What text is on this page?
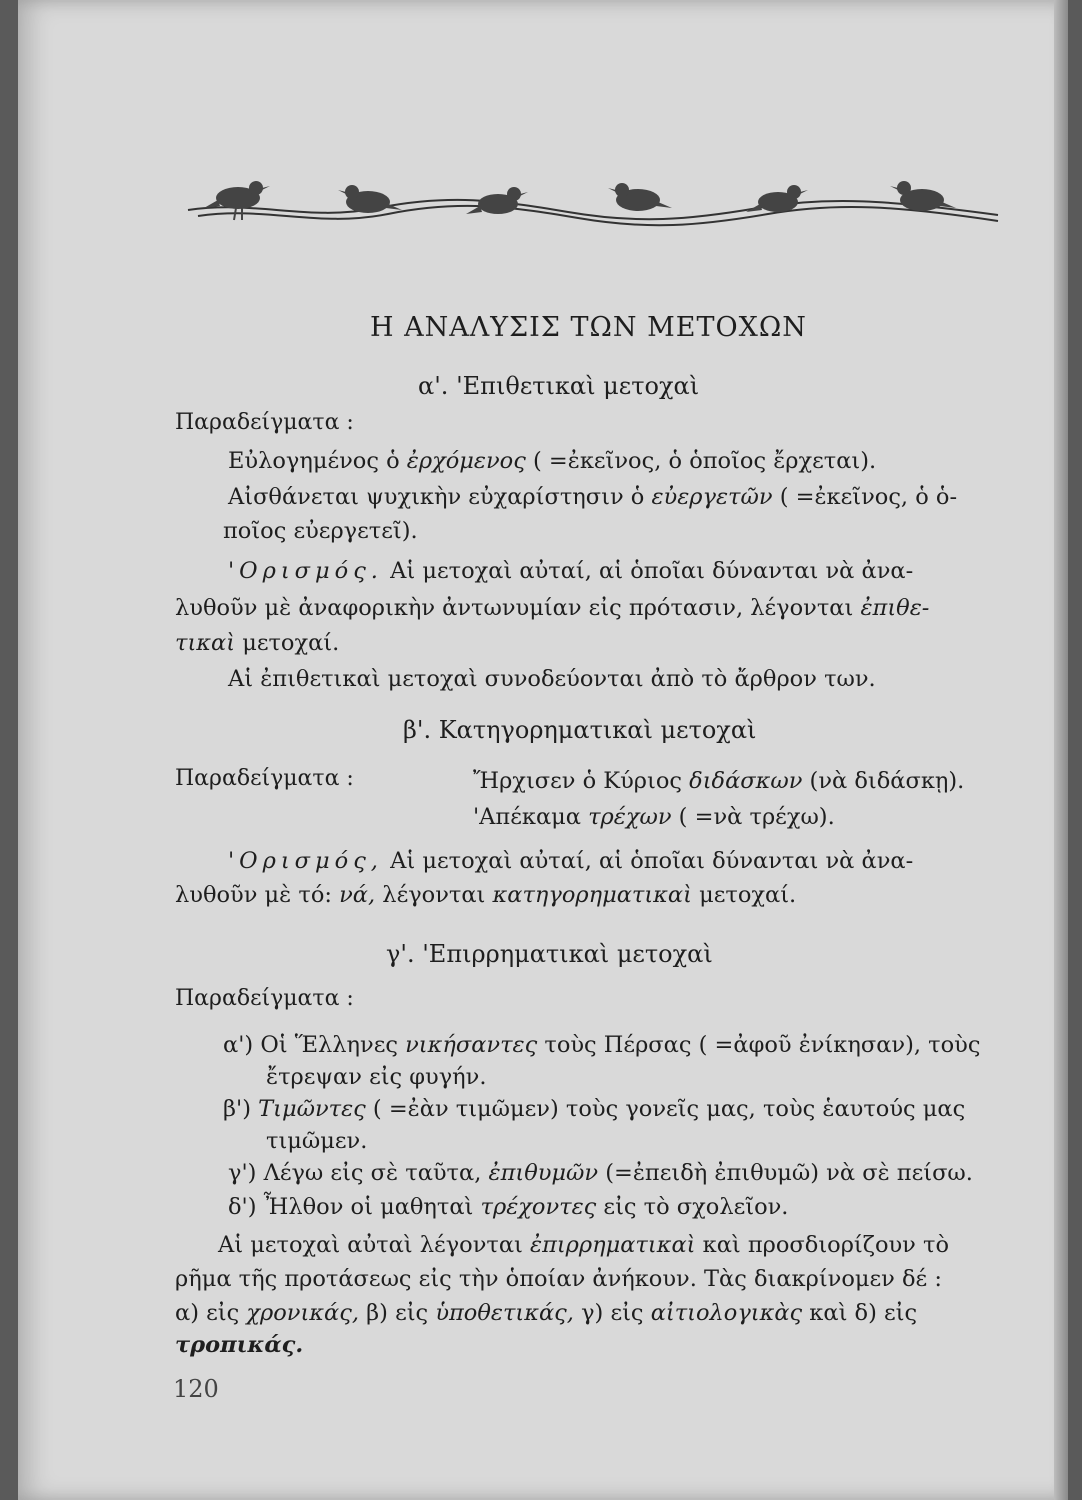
Η ΑΝΑΛΥΣΙΣ ΤΩΝ ΜΕΤΟΧΩΝ
α'. 'Επιθετικαὶ μετοχαὶ
Παραδείγματα :
Εὐλογημένος ὁ ἐρχόμενος ( =ἐκεῖνος, ὁ ὁποῖος ἔρχεται).
Αἰσθάνεται ψυχικὴν εὐχαρίστησιν ὁ εὐεργετῶν ( =ἐκεῖνος, ὁ ὁ-
ποῖος εὐεργετεῖ).
'Ορισμός. Αἱ μετοχαὶ αὐταί, αἱ ὁποῖαι δύνανται νὰ ἀνα-
λυθοῦν μὲ ἀναφορικὴν ἀντωνυμίαν εἰς πρότασιν, λέγονται ἐπιθε-
τικαὶ μετοχαί.
Αἱ ἐπιθετικαὶ μετοχαὶ συνοδεύονται ἀπὸ τὸ ἄρθρον των.
β'. Κατηγορηματικαὶ μετοχαὶ
Παραδείγματα :	Ἤρχισεν ὁ Κύριος διδάσκων (νὰ διδάσκῃ).
'Απέκαμα τρέχων ( =νὰ τρέχω).
'Ορισμός, Αἱ μετοχαὶ αὐταί, αἱ ὁποῖαι δύνανται νὰ ἀνα-
λυθοῦν μὲ τό: νά, λέγονται κατηγορηματικαὶ μετοχαί.
γ'. 'Επιρρηματικαὶ μετοχαὶ
Παραδείγματα :
α') Οἱ Ἕλληνες νικήσαντες τοὺς Πέρσας ( =ἀφοῦ ἐνίκησαν), τοὺς
ἔτρεψαν εἰς φυγήν.
β') Τιμῶντες ( =ἐὰν τιμῶμεν) τοὺς γονεῖς μας, τοὺς ἑαυτούς μας
τιμῶμεν.
γ') Λέγω εἰς σὲ ταῦτα, ἐπιθυμῶν (=ἐπειδὴ ἐπιθυμῶ) νὰ σὲ πείσω.
δ') Ἦλθον οἱ μαθηταὶ τρέχοντες εἰς τὸ σχολεῖον.
Αἱ μετοχαὶ αὐταὶ λέγονται ἐπιρρηματικαὶ καὶ προσδιορίζουν τὸ
ρῆμα τῆς προτάσεως εἰς τὴν ὁποίαν ἀνήκουν. Τὰς διακρίνομεν δέ :
α) εἰς χρονικάς, β) εἰς ὑποθετικάς, γ) εἰς αἰτιολογικὰς καὶ δ) εἰς
τροπικάς.
120
